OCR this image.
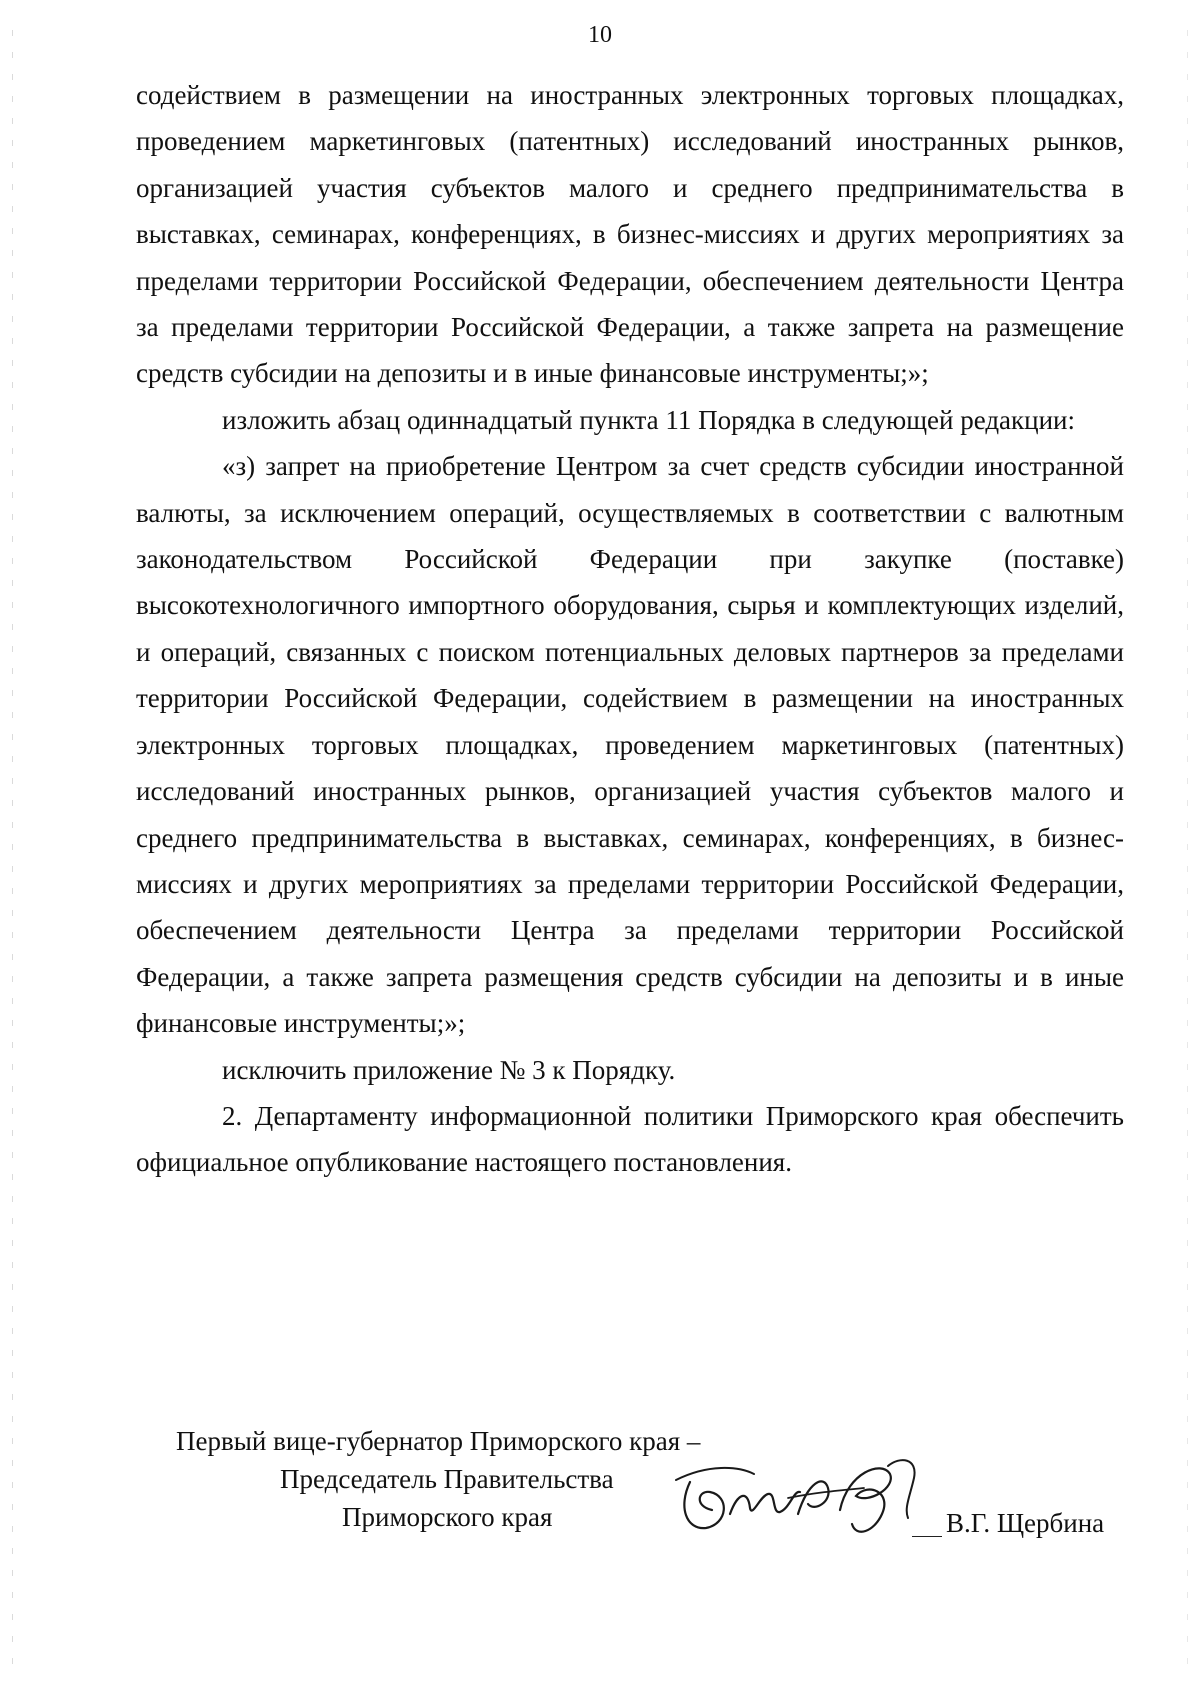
10

содействием в размещении на иностранных электронных торговых площадках, проведением маркетинговых (патентных) исследований иностранных рынков, организацией участия субъектов малого и среднего предпринимательства в выставках, семинарах, конференциях, в бизнес-миссиях и других мероприятиях за пределами территории Российской Федерации, обеспечением деятельности Центра за пределами территории Российской Федерации, а также запрета на размещение средств субсидии на депозиты и в иные финансовые инструменты;»;

изложить абзац одиннадцатый пункта 11 Порядка в следующей редакции:

«з) запрет на приобретение Центром за счет средств субсидии иностранной валюты, за исключением операций, осуществляемых в соответствии с валютным законодательством Российской Федерации при закупке (поставке) высокотехнологичного импортного оборудования, сырья и комплектующих изделий, и операций, связанных с поиском потенциальных деловых партнеров за пределами территории Российской Федерации, содействием в размещении на иностранных электронных торговых площадках, проведением маркетинговых (патентных) исследований иностранных рынков, организацией участия субъектов малого и среднего предпринимательства в выставках, семинарах, конференциях, в бизнес-миссиях и других мероприятиях за пределами территории Российской Федерации, обеспечением деятельности Центра за пределами территории Российской Федерации, а также запрета размещения средств субсидии на депозиты и в иные финансовые инструменты;»;

исключить приложение № 3 к Порядку.

2. Департаменту информационной политики Приморского края обеспечить официальное опубликование настоящего постановления.

Первый вице-губернатор Приморского края –
Председатель Правительства
Приморского края	В.Г. Щербина
